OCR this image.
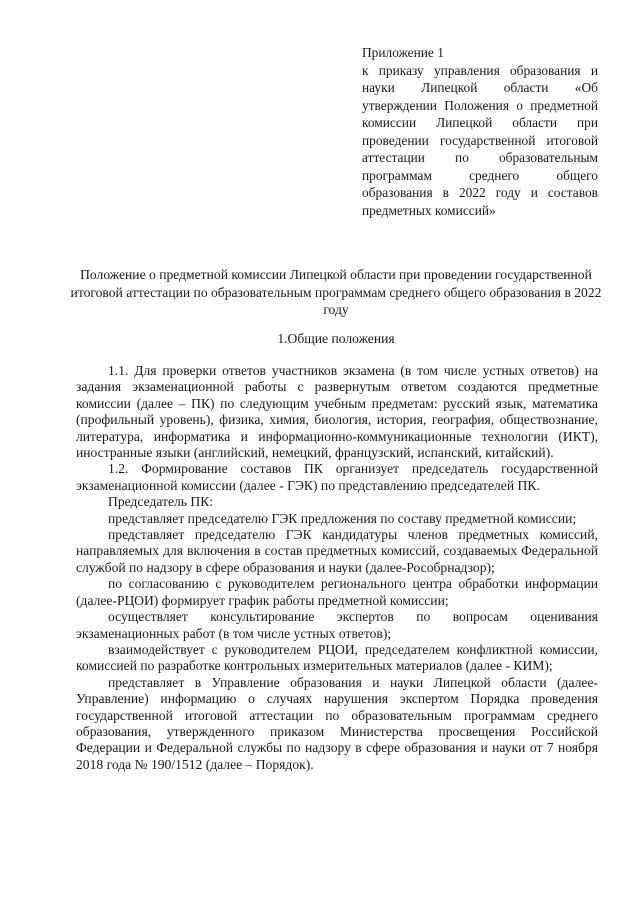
Приложение 1
к приказу управления образования и науки Липецкой области «Об утверждении Положения о предметной комиссии Липецкой области при проведении государственной итоговой аттестации по образовательным программам среднего общего образования в 2022 году и составов предметных комиссий»
Положение о предметной комиссии Липецкой области при проведении государственной итоговой аттестации по образовательным программам среднего общего образования в 2022 году
1.Общие положения

1.1. Для проверки ответов участников экзамена (в том числе устных ответов) на задания экзаменационной работы с развернутым ответом создаются предметные комиссии (далее – ПК) по следующим учебным предметам: русский язык, математика (профильный уровень), физика, химия, биология, история, география, обществознание, литература, информатика и информационно-коммуникационные технологии (ИКТ), иностранные языки (английский, немецкий, французский, испанский, китайский).

1.2. Формирование составов ПК организует председатель государственной экзаменационной комиссии (далее - ГЭК) по представлению председателей ПК.

Председатель ПК:

представляет председателю ГЭК предложения по составу предметной комиссии;

представляет председателю ГЭК кандидатуры членов предметных комиссий, направляемых для включения в состав предметных комиссий, создаваемых Федеральной службой по надзору в сфере образования и науки (далее-Рособрнадзор);

по согласованию с руководителем регионального центра обработки информации (далее-РЦОИ) формирует график работы предметной комиссии;

осуществляет консультирование экспертов по вопросам оценивания экзаменационных работ (в том числе устных ответов);

взаимодействует с руководителем РЦОИ, председателем конфликтной комиссии, комиссией по разработке контрольных измерительных материалов (далее - КИМ);

представляет в Управление образования и науки Липецкой области (далее- Управление) информацию о случаях нарушения экспертом Порядка проведения государственной итоговой аттестации по образовательным программам среднего образования, утвержденного приказом Министерства просвещения Российской Федерации и Федеральной службы по надзору в сфере образования и науки от 7 ноября 2018 года № 190/1512 (далее – Порядок).
